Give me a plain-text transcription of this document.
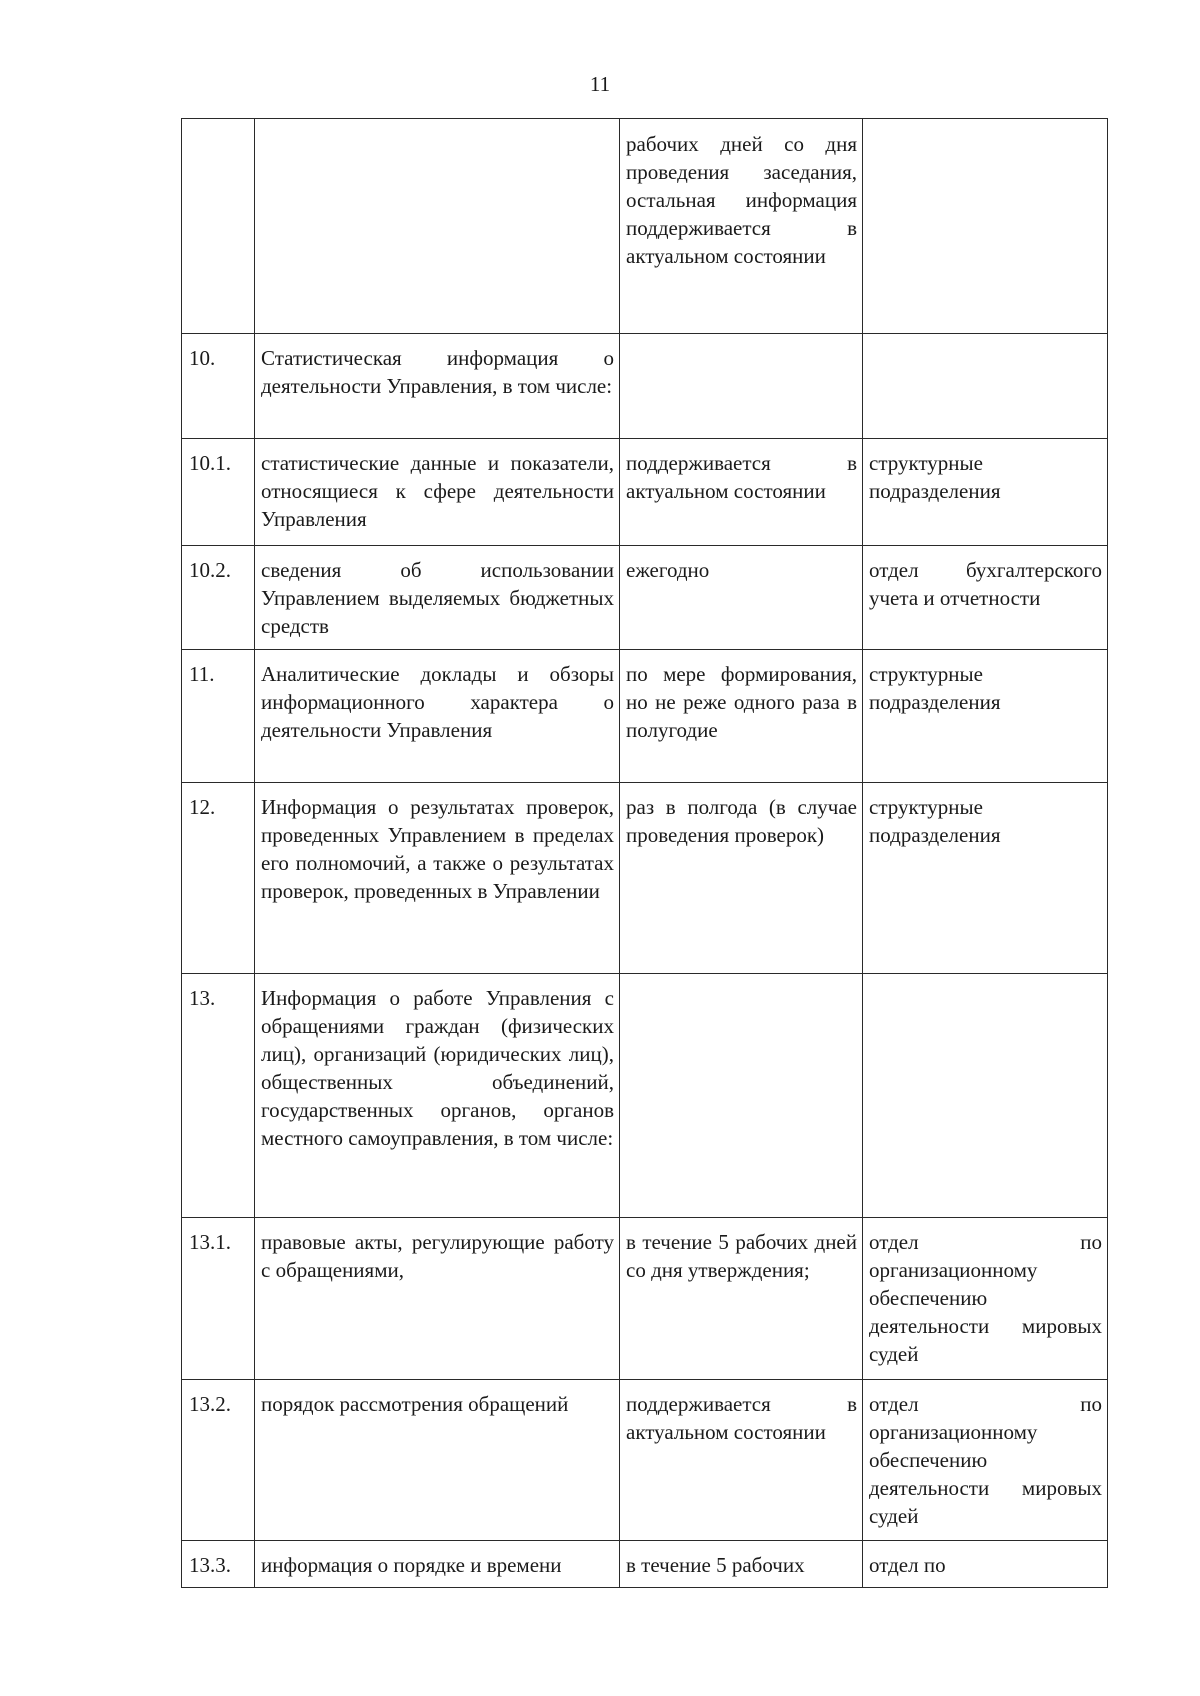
11

		рабочих дней со дня проведения заседания, остальная информация поддерживается в актуальном состоянии	

10.	Статистическая информация о деятельности Управления, в том числе:		

10.1.	статистические данные и показатели, относящиеся к сфере деятельности Управления	поддерживается в актуальном состоянии	структурные подразделения

10.2.	сведения об использовании Управлением выделяемых бюджетных средств	ежегодно	отдел бухгалтерского учета и отчетности

11.	Аналитические доклады и обзоры информационного характера о деятельности Управления	по мере формирования, но не реже одного раза в полугодие	структурные подразделения

12.	Информация о результатах проверок, проведенных Управлением в пределах его полномочий, а также о результатах проверок, проведенных в Управлении	раз в полгода (в случае проведения проверок)	структурные подразделения

13.	Информация о работе Управления с обращениями граждан (физических лиц), организаций (юридических лиц), общественных объединений, государственных органов, органов местного самоуправления, в том числе:		

13.1.	правовые акты, регулирующие работу с обращениями,	в течение 5 рабочих дней со дня утверждения;	отдел по организационному обеспечению деятельности мировых судей

13.2.	порядок рассмотрения обращений	поддерживается в актуальном состоянии	отдел по организационному обеспечению деятельности мировых судей

13.3.	информация о порядке и времени	в течение 5 рабочих	отдел по
